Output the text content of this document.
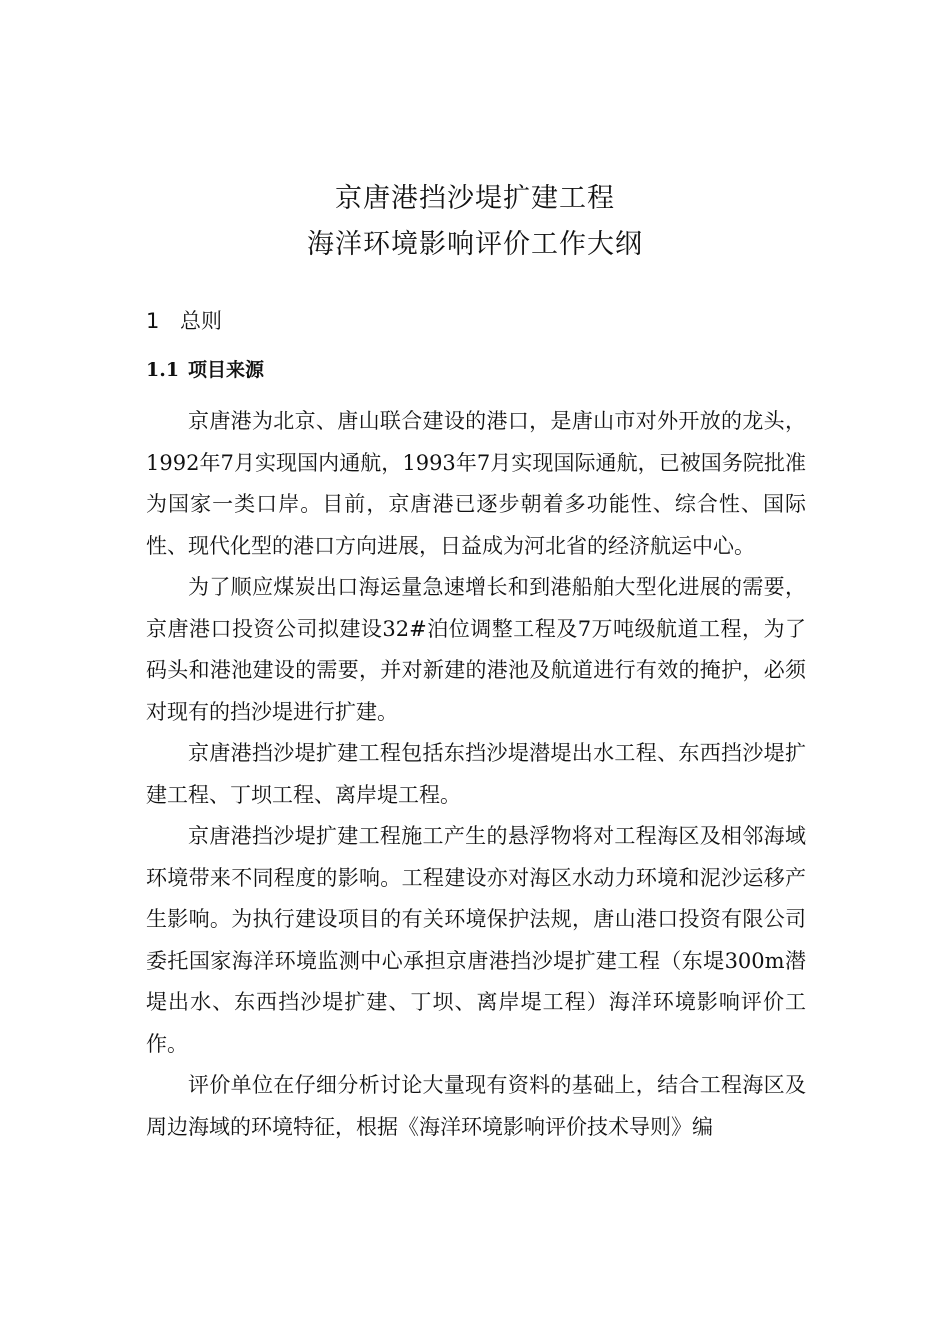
京唐港挡沙堤扩建工程
海洋环境影响评价工作大纲
1 总则
1.1 项目来源

京唐港为北京、唐山联合建设的港口，是唐山市对外开放的龙头，1992年7月实现国内通航，1993年7月实现国际通航，已被国务院批准为国家一类口岸。目前，京唐港已逐步朝着多功能性、综合性、国际性、现代化型的港口方向进展，日益成为河北省的经济航运中心。

为了顺应煤炭出口海运量急速增长和到港船舶大型化进展的需要，京唐港口投资公司拟建设32#泊位调整工程及7万吨级航道工程，为了码头和港池建设的需要，并对新建的港池及航道进行有效的掩护，必须对现有的挡沙堤进行扩建。

京唐港挡沙堤扩建工程包括东挡沙堤潜堤出水工程、东西挡沙堤扩建工程、丁坝工程、离岸堤工程。

京唐港挡沙堤扩建工程施工产生的悬浮物将对工程海区及相邻海域环境带来不同程度的影响。工程建设亦对海区水动力环境和泥沙运移产生影响。为执行建设项目的有关环境保护法规，唐山港口投资有限公司委托国家海洋环境监测中心承担京唐港挡沙堤扩建工程（东堤300m潜堤出水、东西挡沙堤扩建、丁坝、离岸堤工程）海洋环境影响评价工作。

评价单位在仔细分析讨论大量现有资料的基础上，结合工程海区及周边海域的环境特征，根据《海洋环境影响评价技术导则》编
